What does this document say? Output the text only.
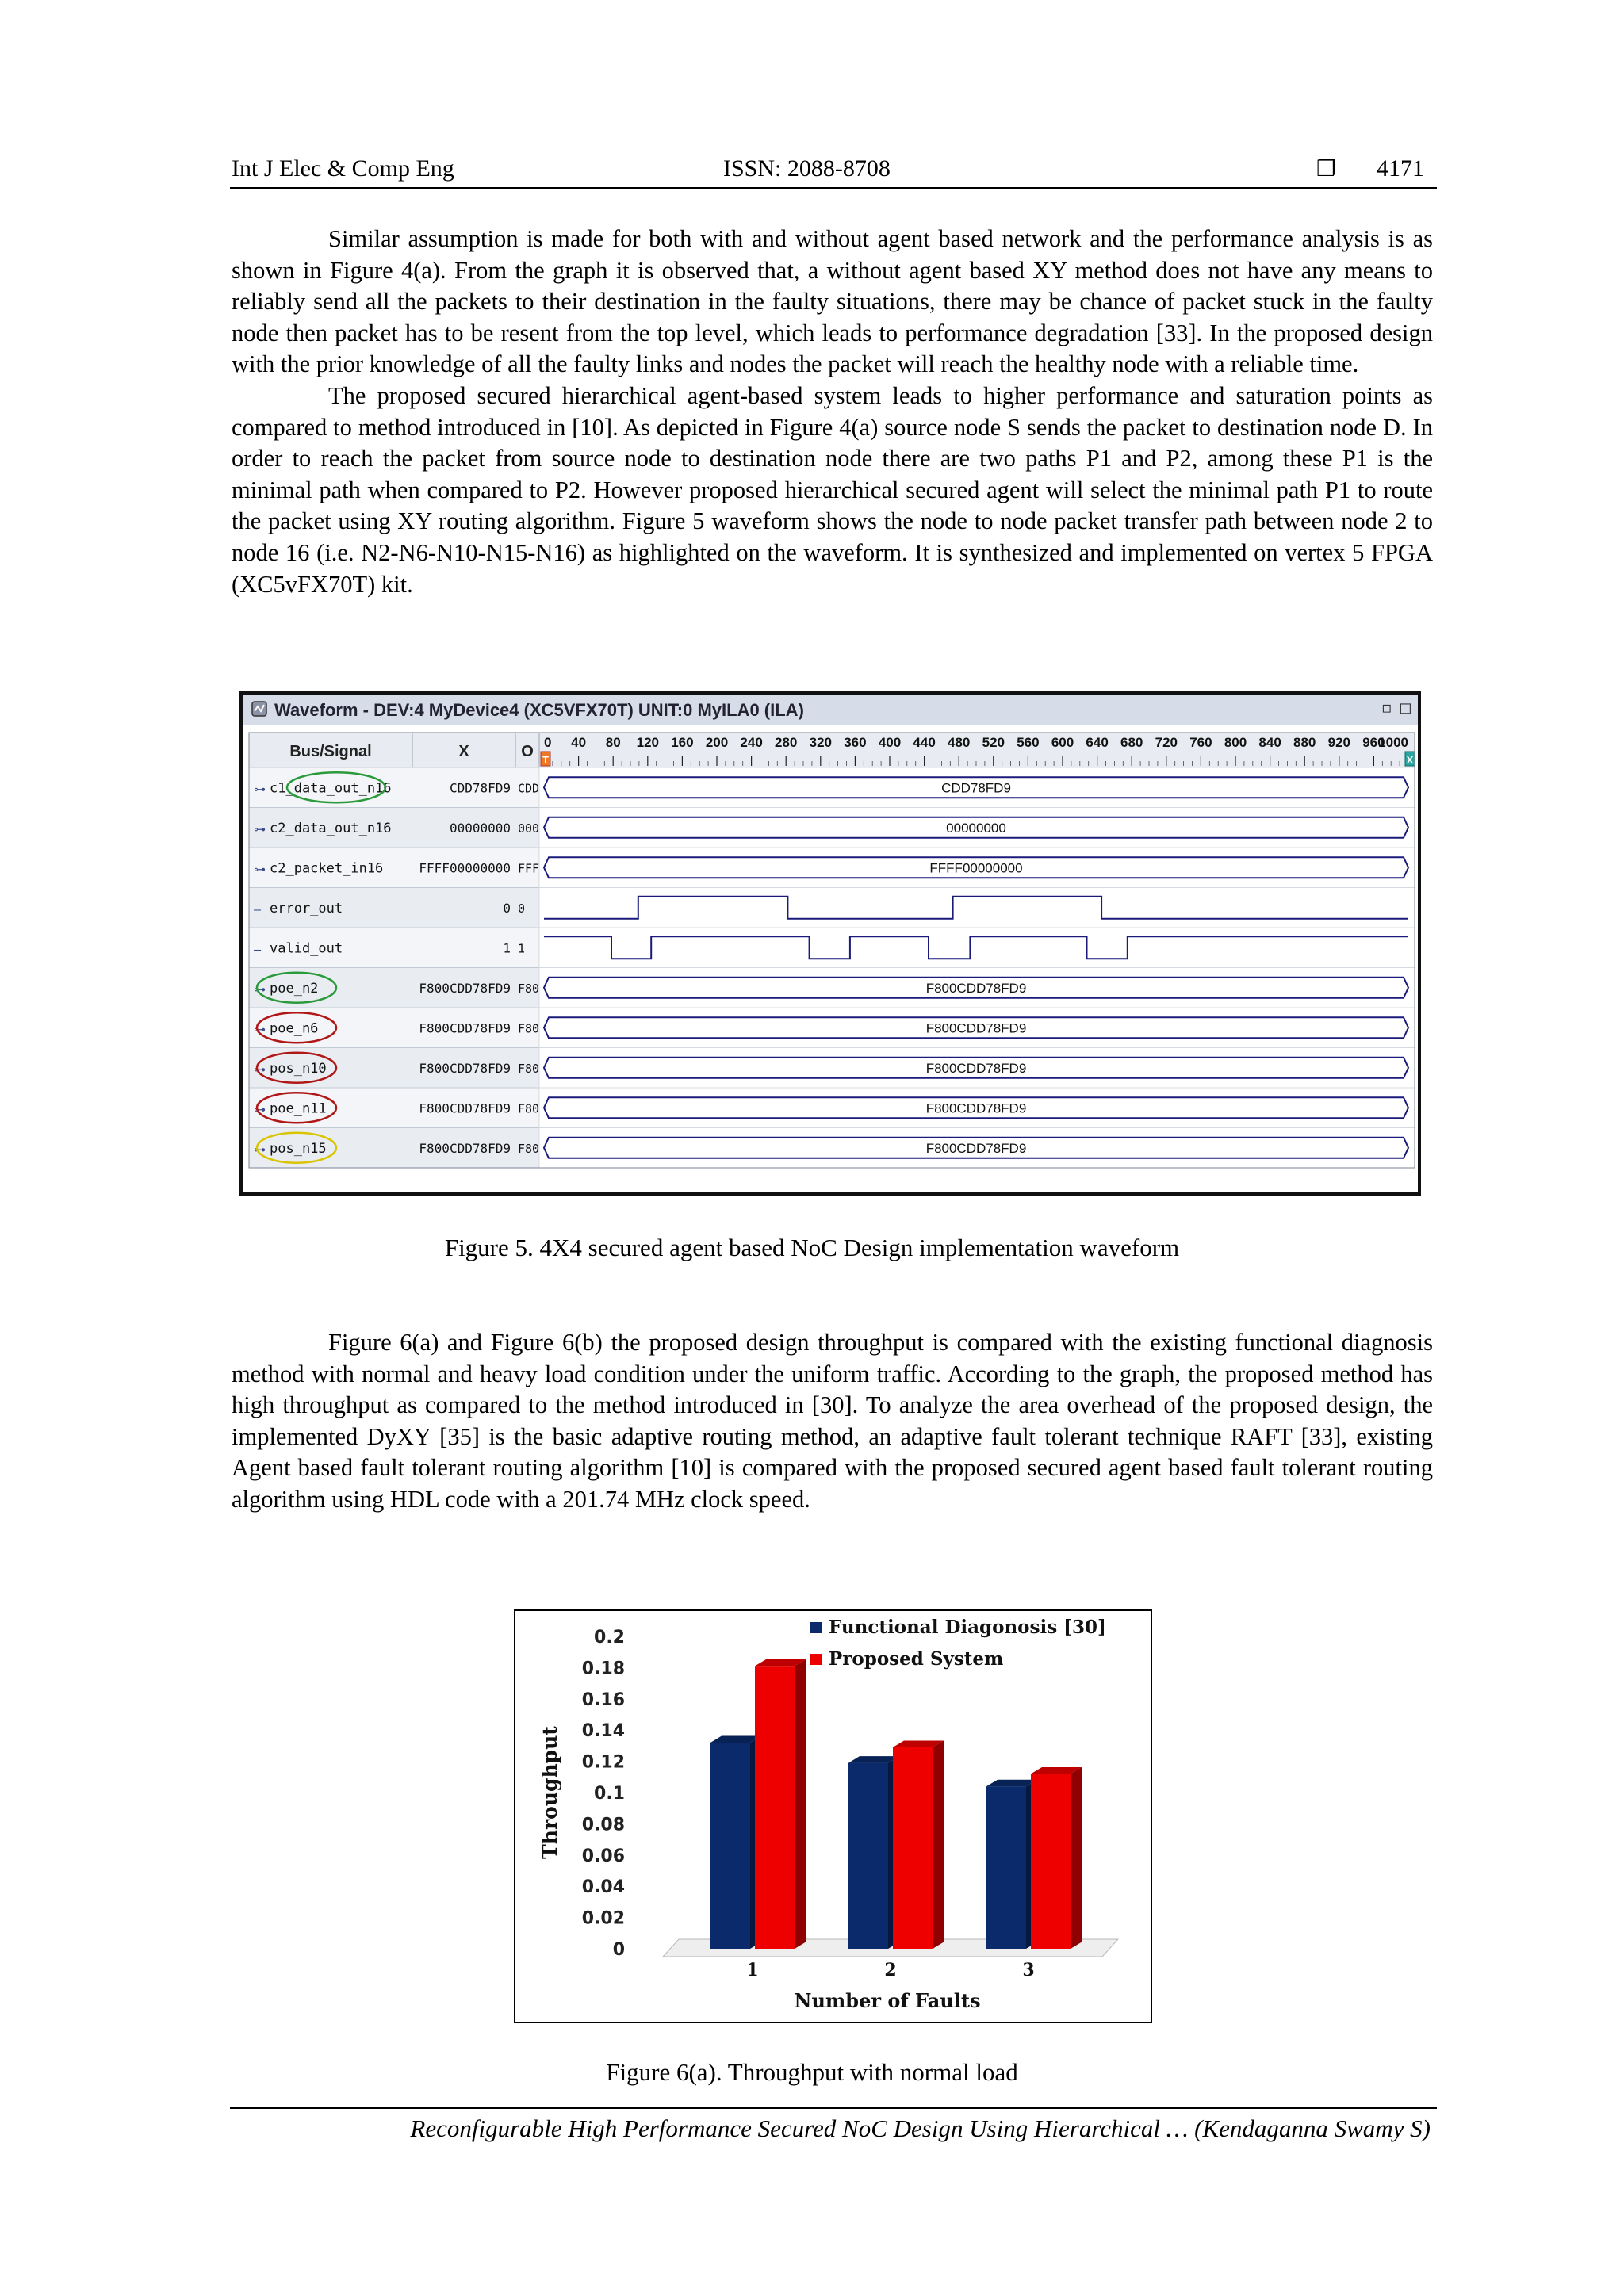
Int J Elec & Comp Eng	ISSN: 2088-8708	❐ 4171

Similar assumption is made for both with and without agent based network and the performance analysis is as shown in Figure 4(a). From the graph it is observed that, a without agent based XY method does not have any means to reliably send all the packets to their destination in the faulty situations, there may be chance of packet stuck in the faulty node then packet has to be resent from the top level, which leads to performance degradation [33]. In the proposed design with the prior knowledge of all the faulty links and nodes the packet will reach the healthy node with a reliable time.

The proposed secured hierarchical agent-based system leads to higher performance and saturation points as compared to method introduced in [10]. As depicted in Figure 4(a) source node S sends the packet to destination node D. In order to reach the packet from source node to destination node there are two paths P1 and P2, among these P1 is the minimal path when compared to P2. However proposed hierarchical secured agent will select the minimal path P1 to route the packet using XY routing algorithm. Figure 5 waveform shows the node to node packet transfer path between node 2 to node 16 (i.e. N2-N6-N10-N15-N16) as highlighted on the waveform. It is synthesized and implemented on vertex 5 FPGA (XC5vFX70T) kit.

Waveform - DEV:4 MyDevice4 (XC5VFX70T) UNIT:0 MyILA0 (ILA)	▫ ◻
Bus/Signal	X	O
0 40 80 120 160 200 240 280 320 360 400 440 480 520 560 600 640 680 720 760 800 840 880 920 960
1000
T	X
⊶ c1_data_out_n16	CDD78FD9 CDD	CDD78FD9
⊶ c2_data_out_n16	00000000 000	00000000
⊶ c2_packet_in16	FFFF00000000 FFF	FFFF00000000
— error_out	0 0
— valid_out	1 1
⊶ poe_n2	F800CDD78FD9 F80	F800CDD78FD9
⊶ poe_n6	F800CDD78FD9 F80	F800CDD78FD9
⊶ pos_n10	F800CDD78FD9 F80	F800CDD78FD9
⊶ poe_n11	F800CDD78FD9 F80	F800CDD78FD9
⊶ pos_n15	F800CDD78FD9 F80	F800CDD78FD9
Figure 5. 4X4 secured agent based NoC Design implementation waveform

Figure 6(a) and Figure 6(b) the proposed design throughput is compared with the existing functional diagnosis method with normal and heavy load condition under the uniform traffic. According to the graph, the proposed method has high throughput as compared to the method introduced in [30]. To analyze the area overhead of the proposed design, the implemented DyXY [35] is the basic adaptive routing method, an adaptive fault tolerant technique RAFT [33], existing Agent based fault tolerant routing algorithm [10] is compared with the proposed secured agent based fault tolerant routing algorithm using HDL code with a 201.74 MHz clock speed.

0
0.02
0.04
0.06
0.08
0.1
0.12
0.14
0.16
0.18
0.2
Throughput
Number of Faults
1	2	3
Functional Diagonosis [30]
Proposed System
Figure 6(a). Throughput with normal load
Reconfigurable High Performance Secured NoC Design Using Hierarchical … (Kendaganna Swamy S)
